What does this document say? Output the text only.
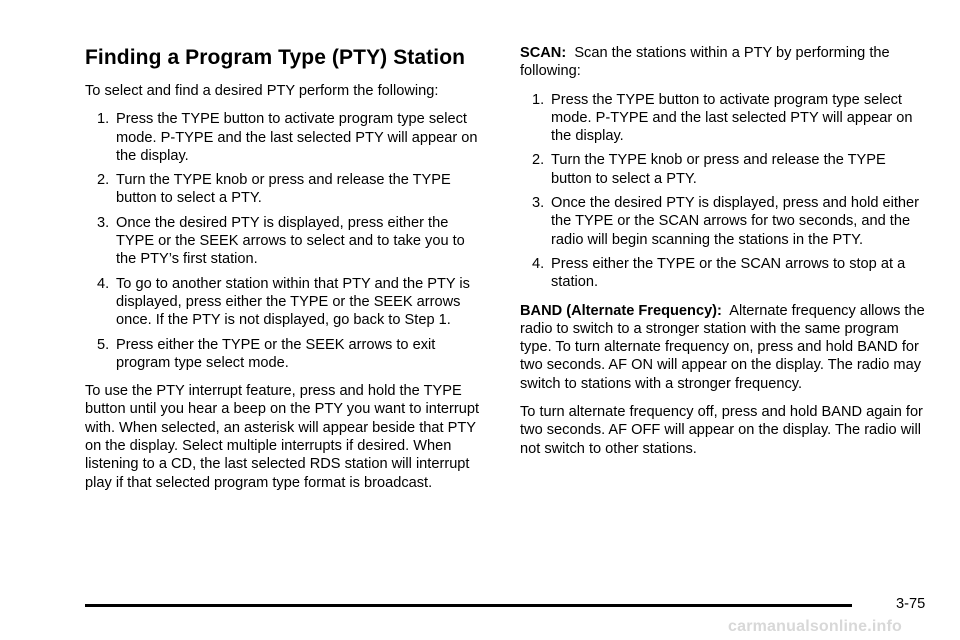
Finding a Program Type (PTY) Station

To select and find a desired PTY perform the following:

1. Press the TYPE button to activate program type select mode. P-TYPE and the last selected PTY will appear on the display.
2. Turn the TYPE knob or press and release the TYPE button to select a PTY.
3. Once the desired PTY is displayed, press either the TYPE or the SEEK arrows to select and to take you to the PTY’s first station.
4. To go to another station within that PTY and the PTY is displayed, press either the TYPE or the SEEK arrows once. If the PTY is not displayed, go back to Step 1.
5. Press either the TYPE or the SEEK arrows to exit program type select mode.

To use the PTY interrupt feature, press and hold the TYPE button until you hear a beep on the PTY you want to interrupt with. When selected, an asterisk will appear beside that PTY on the display. Select multiple interrupts if desired. When listening to a CD, the last selected RDS station will interrupt play if that selected program type format is broadcast.

SCAN: Scan the stations within a PTY by performing the following:

1. Press the TYPE button to activate program type select mode. P-TYPE and the last selected PTY will appear on the display.
2. Turn the TYPE knob or press and release the TYPE button to select a PTY.
3. Once the desired PTY is displayed, press and hold either the TYPE or the SCAN arrows for two seconds, and the radio will begin scanning the stations in the PTY.
4. Press either the TYPE or the SCAN arrows to stop at a station.

BAND (Alternate Frequency): Alternate frequency allows the radio to switch to a stronger station with the same program type. To turn alternate frequency on, press and hold BAND for two seconds. AF ON will appear on the display. The radio may switch to stations with a stronger frequency.

To turn alternate frequency off, press and hold BAND again for two seconds. AF OFF will appear on the display. The radio will not switch to other stations.

3-75
carmanualsonline.info
